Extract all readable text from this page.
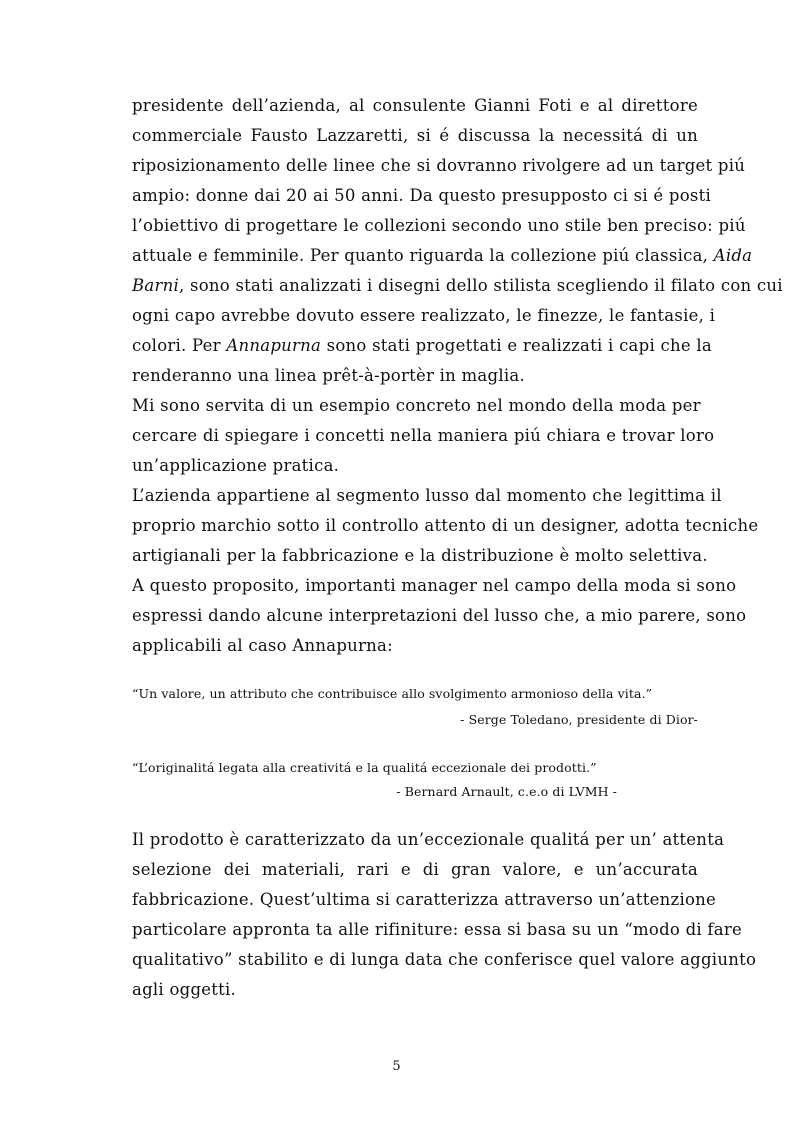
presidente dell’azienda, al consulente Gianni Foti e al direttore
commerciale Fausto Lazzaretti, si é discussa la necessitá di un
riposizionamento delle linee che si dovranno rivolgere ad un target piú
ampio: donne dai 20 ai 50 anni. Da questo presupposto ci si é posti
l’obiettivo di progettare le collezioni secondo uno stile ben preciso: piú
attuale e femminile. Per quanto riguarda la collezione piú classica, Aida
Barni, sono stati analizzati i disegni dello stilista scegliendo il filato con cui
ogni capo avrebbe dovuto essere realizzato, le finezze, le fantasie, i
colori. Per Annapurna sono stati progettati e realizzati i capi che la
renderanno una linea prêt-à-portèr in maglia.
Mi sono servita di un esempio concreto nel mondo della moda per
cercare di spiegare i concetti nella maniera piú chiara e trovar loro
un’applicazione pratica.
L’azienda appartiene al segmento lusso dal momento che legittima il
proprio marchio sotto il controllo attento di un designer, adotta tecniche
artigianali per la fabbricazione e la distribuzione è molto selettiva.
A questo proposito, importanti manager nel campo della moda si sono
espressi dando alcune interpretazioni del lusso che, a mio parere, sono
applicabili al caso Annapurna:
“Un valore, un attributo che contribuisce allo svolgimento armonioso della vita.”
- Serge Toledano, presidente di Dior-
“L’originalitá legata alla creativitá e la qualitá eccezionale dei prodotti.”
- Bernard Arnault, c.e.o di LVMH -
Il prodotto è caratterizzato da un’eccezionale qualitá per un’ attenta
selezione dei materiali, rari e di gran valore, e un’accurata
fabbricazione. Quest’ultima si caratterizza attraverso un’attenzione
particolare appronta ta alle rifiniture: essa si basa su un “modo di fare
qualitativo” stabilito e di lunga data che conferisce quel valore aggiunto
agli oggetti.
5
